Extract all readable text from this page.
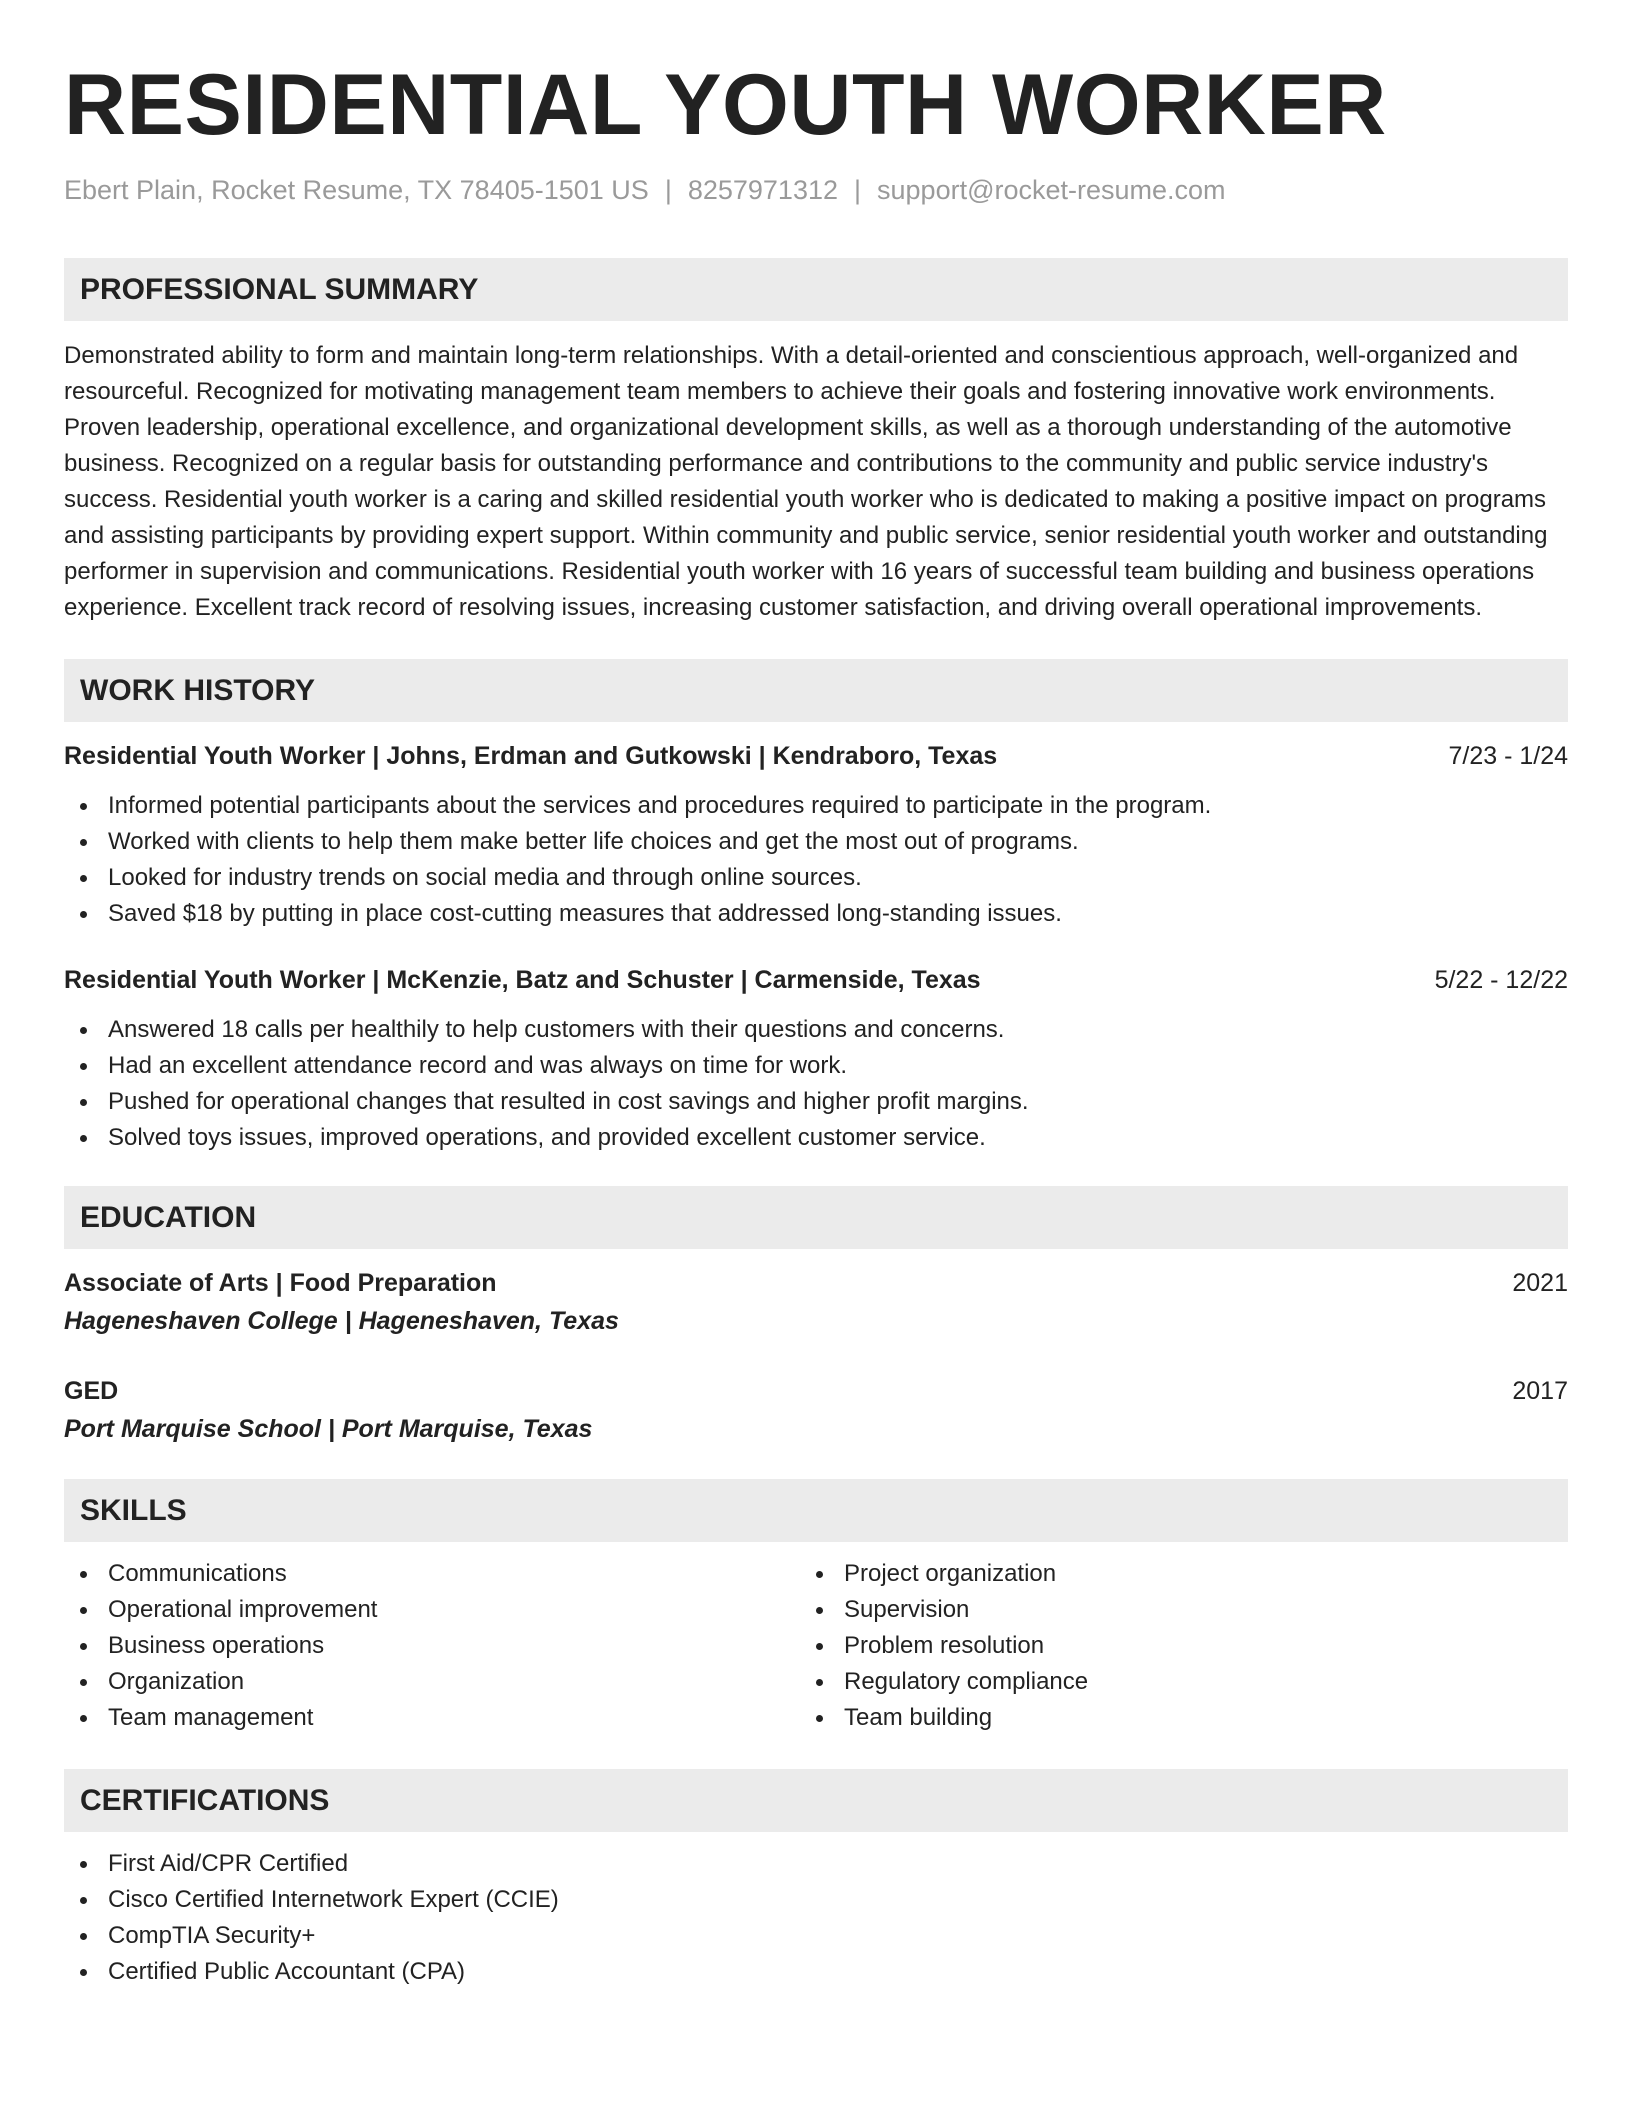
RESIDENTIAL YOUTH WORKER
Ebert Plain, Rocket Resume, TX 78405-1501 US | 8257971312 | support@rocket-resume.com
PROFESSIONAL SUMMARY
Demonstrated ability to form and maintain long-term relationships. With a detail-oriented and conscientious approach, well-organized and resourceful. Recognized for motivating management team members to achieve their goals and fostering innovative work environments. Proven leadership, operational excellence, and organizational development skills, as well as a thorough understanding of the automotive business. Recognized on a regular basis for outstanding performance and contributions to the community and public service industry's success. Residential youth worker is a caring and skilled residential youth worker who is dedicated to making a positive impact on programs and assisting participants by providing expert support. Within community and public service, senior residential youth worker and outstanding performer in supervision and communications. Residential youth worker with 16 years of successful team building and business operations experience. Excellent track record of resolving issues, increasing customer satisfaction, and driving overall operational improvements.
WORK HISTORY
Residential Youth Worker | Johns, Erdman and Gutkowski | Kendraboro, Texas	7/23 - 1/24
Informed potential participants about the services and procedures required to participate in the program.
Worked with clients to help them make better life choices and get the most out of programs.
Looked for industry trends on social media and through online sources.
Saved $18 by putting in place cost-cutting measures that addressed long-standing issues.
Residential Youth Worker | McKenzie, Batz and Schuster | Carmenside, Texas	5/22 - 12/22
Answered 18 calls per healthily to help customers with their questions and concerns.
Had an excellent attendance record and was always on time for work.
Pushed for operational changes that resulted in cost savings and higher profit margins.
Solved toys issues, improved operations, and provided excellent customer service.
EDUCATION
Associate of Arts | Food Preparation	2021
Hageneshaven College | Hageneshaven, Texas
GED	2017
Port Marquise School | Port Marquise, Texas
SKILLS
Communications
Operational improvement
Business operations
Organization
Team management
Project organization
Supervision
Problem resolution
Regulatory compliance
Team building
CERTIFICATIONS
First Aid/CPR Certified
Cisco Certified Internetwork Expert (CCIE)
CompTIA Security+
Certified Public Accountant (CPA)
